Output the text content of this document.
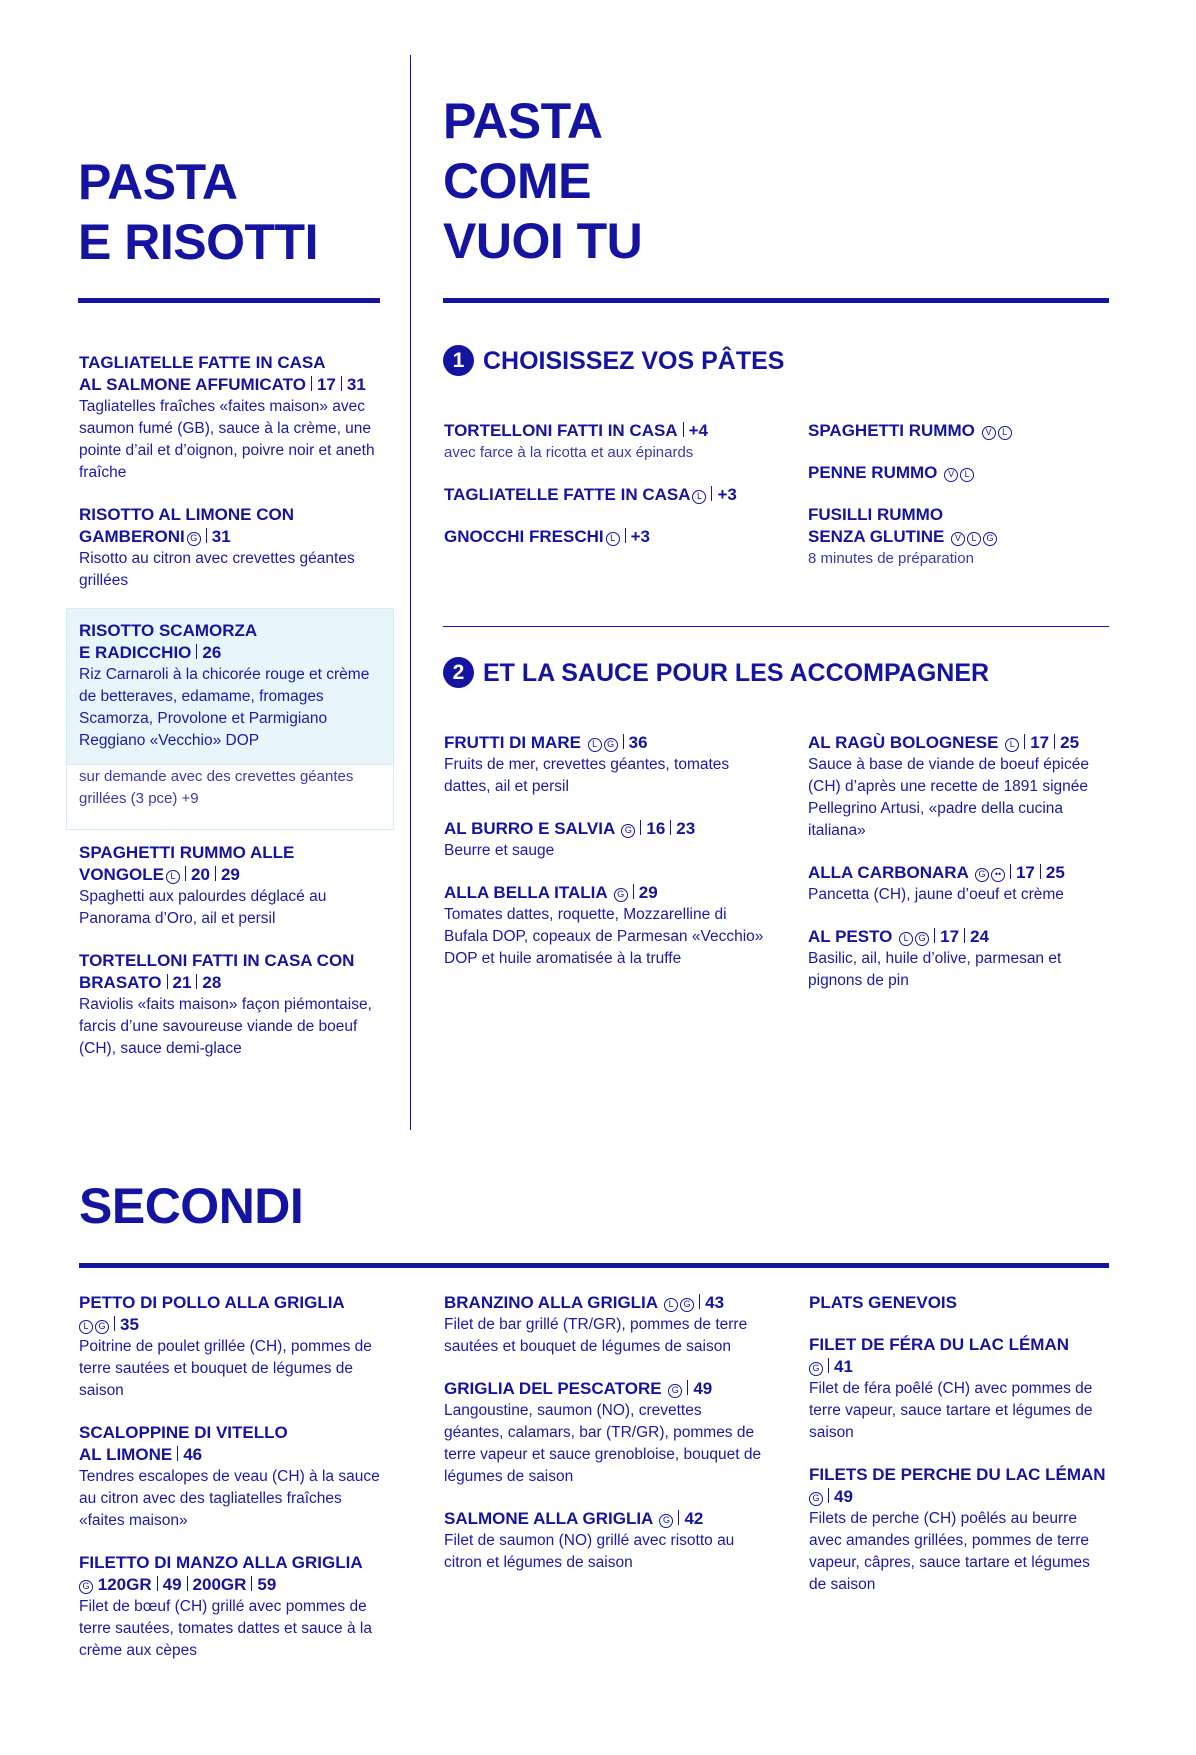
PASTA
E RISOTTI

TAGLIATELLE FATTE IN CASA

AL SALMONE AFFUMICATO 17 31

Tagliatelles fraîches «faites maison» avec saumon fumé (GB), sauce à la crème, une pointe d’ail et d’oignon, poivre noir et aneth fraîche

RISOTTO AL LIMONE CON

GAMBERONI G 31

Risotto au citron avec crevettes géantes grillées

RISOTTO SCAMORZA

E RADICCHIO 26

Riz Carnaroli à la chicorée rouge et crème de betteraves, edamame, fromages Scamorza, Provolone et Parmigiano Reggiano «Vecchio» DOP

sur demande avec des crevettes géantes grillées (3 pce) +9

SPAGHETTI RUMMO ALLE

VONGOLE L 20 29

Spaghetti aux palourdes déglacé au Panorama d’Oro, ail et persil

TORTELLONI FATTI IN CASA CON

BRASATO 21 28

Raviolis «faits maison» façon piémontaise, farcis d’une savoureuse viande de boeuf (CH), sauce demi-glace

PASTA
COME
VUOI TU
1 CHOISISSEZ VOS PÂTES

TORTELLONI FATTI IN CASA +4

avec farce à la ricotta et aux épinards

TAGLIATELLE FATTE IN CASA L +3

GNOCCHI FRESCHI L +3

SPAGHETTI RUMMO V L

PENNE RUMMO V L

FUSILLI RUMMO

SENZA GLUTINE V L G

8 minutes de préparation

2 ET LA SAUCE POUR LES ACCOMPAGNER

FRUTTI DI MARE L G 36

Fruits de mer, crevettes géantes, tomates dattes, ail et persil

AL BURRO E SALVIA G 16 23

Beurre et sauge

ALLA BELLA ITALIA G 29

Tomates dattes, roquette, Mozzarelline di Bufala DOP, copeaux de Parmesan «Vecchio» DOP et huile aromatisée à la truffe

AL RAGÙ BOLOGNESE L 17 25

Sauce à base de viande de boeuf épicée (CH) d’après une recette de 1891 signée Pellegrino Artusi, «padre della cucina italiana»

ALLA CARBONARA G •• 17 25

Pancetta (CH), jaune d’oeuf et crème

AL PESTO L G 17 24

Basilic, ail, huile d’olive, parmesan et pignons de pin

SECONDI

PETTO DI POLLO ALLA GRIGLIA

L G 35

Poitrine de poulet grillée (CH), pommes de terre sautées et bouquet de légumes de saison

SCALOPPINE DI VITELLO

AL LIMONE 46

Tendres escalopes de veau (CH) à la sauce au citron avec des tagliatelles fraîches «faites maison»

FILETTO DI MANZO ALLA GRIGLIA

G 120GR 49 200GR 59

Filet de bœuf (CH) grillé avec pommes de terre sautées, tomates dattes et sauce à la crème aux cèpes

BRANZINO ALLA GRIGLIA L G 43

Filet de bar grillé (TR/GR), pommes de terre sautées et bouquet de légumes de saison

GRIGLIA DEL PESCATORE G 49

Langoustine, saumon (NO), crevettes géantes, calamars, bar (TR/GR), pommes de terre vapeur et sauce grenobloise, bouquet de légumes de saison

SALMONE ALLA GRIGLIA G 42

Filet de saumon (NO) grillé avec risotto au citron et légumes de saison

PLATS GENEVOIS

FILET DE FÉRA DU LAC LÉMAN

G 41

Filet de féra poêlé (CH) avec pommes de terre vapeur, sauce tartare et légumes de saison

FILETS DE PERCHE DU LAC LÉMAN

G 49

Filets de perche (CH) poêlés au beurre avec amandes grillées, pommes de terre vapeur, câpres, sauce tartare et légumes de saison
